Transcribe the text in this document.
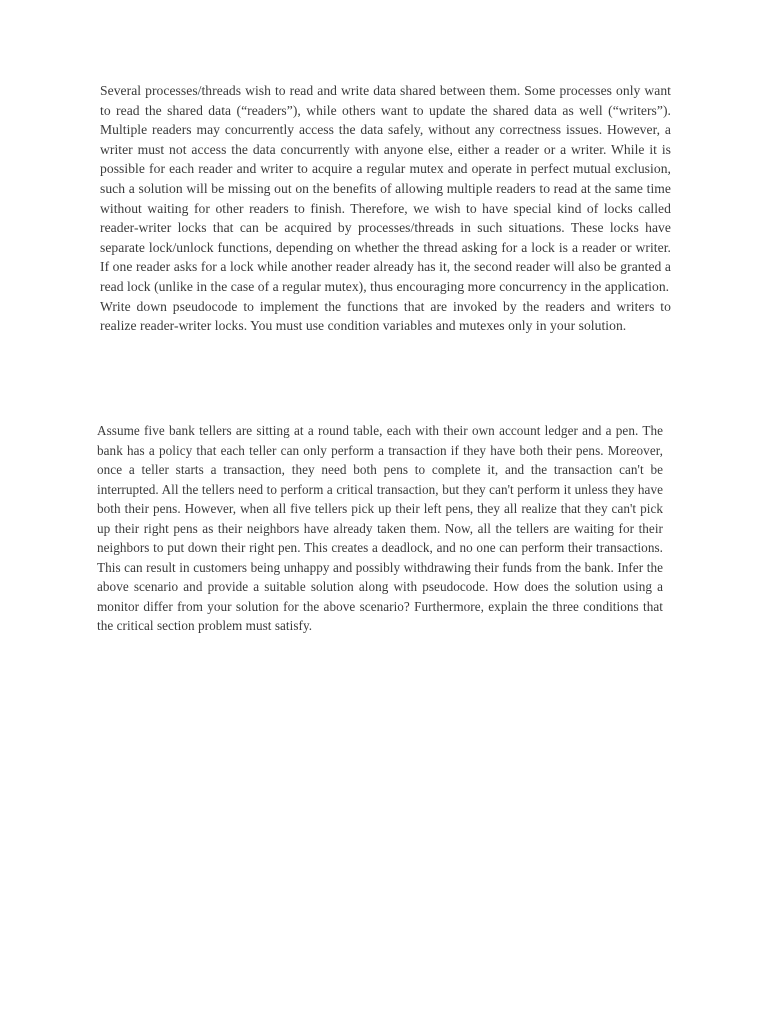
Several processes/threads wish to read and write data shared between them. Some processes only want to read the shared data (“readers”), while others want to update the shared data as well (“writers”). Multiple readers may concurrently access the data safely, without any correctness issues. However, a writer must not access the data concurrently with anyone else, either a reader or a writer. While it is possible for each reader and writer to acquire a regular mutex and operate in perfect mutual exclusion, such a solution will be missing out on the benefits of allowing multiple readers to read at the same time without waiting for other readers to finish. Therefore, we wish to have special kind of locks called reader-writer locks that can be acquired by processes/threads in such situations. These locks have separate lock/unlock functions, depending on whether the thread asking for a lock is a reader or writer. If one reader asks for a lock while another reader already has it, the second reader will also be granted a read lock (unlike in the case of a regular mutex), thus encouraging more concurrency in the application.

Write down pseudocode to implement the functions that are invoked by the readers and writers to realize reader-writer locks. You must use condition variables and mutexes only in your solution.

Assume five bank tellers are sitting at a round table, each with their own account ledger and a pen. The bank has a policy that each teller can only perform a transaction if they have both their pens. Moreover, once a teller starts a transaction, they need both pens to complete it, and the transaction can't be interrupted. All the tellers need to perform a critical transaction, but they can't perform it unless they have both their pens. However, when all five tellers pick up their left pens, they all realize that they can't pick up their right pens as their neighbors have already taken them. Now, all the tellers are waiting for their neighbors to put down their right pen. This creates a deadlock, and no one can perform their transactions. This can result in customers being unhappy and possibly withdrawing their funds from the bank. Infer the above scenario and provide a suitable solution along with pseudocode. How does the solution using a monitor differ from your solution for the above scenario? Furthermore, explain the three conditions that the critical section problem must satisfy.
